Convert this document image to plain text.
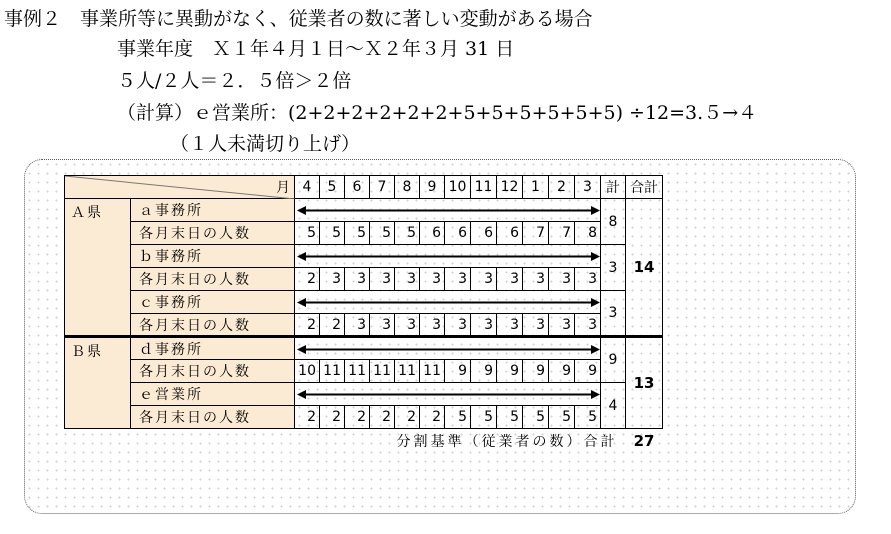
事例２　事業所等に異動がなく、従業者の数に著しい変動がある場合
事業年度　Ｘ１年４月１日～Ｘ２年３月 31 日
５人/２人＝２．５倍＞２倍
（計算）ｅ営業所：(2+2+2+2+2+2+5+5+5+5+5+5) ÷12=3.５→４
（１人未満切り上げ）
月		4	5	6	7	8	9	10	11	12	1	2	3	計	合計
Ａ県	ａ事務所													8	14
	各月末日の人数	5	5	5	5	5	6	6	6	6	7	7	8		
	ｂ事務所													3	
	各月末日の人数	2	3	3	3	3	3	3	3	3	3	3	3		
	ｃ事務所													3	
	各月末日の人数	2	2	3	3	3	3	3	3	3	3	3	3		
Ｂ県	ｄ事務所													9	13
	各月末日の人数	10	11	11	11	11	11	9	9	9	9	9	9		
	ｅ営業所													4	
	各月末日の人数	2	2	2	2	2	2	5	5	5	5	5	5		
分割基準（従業者の数）合計															27
